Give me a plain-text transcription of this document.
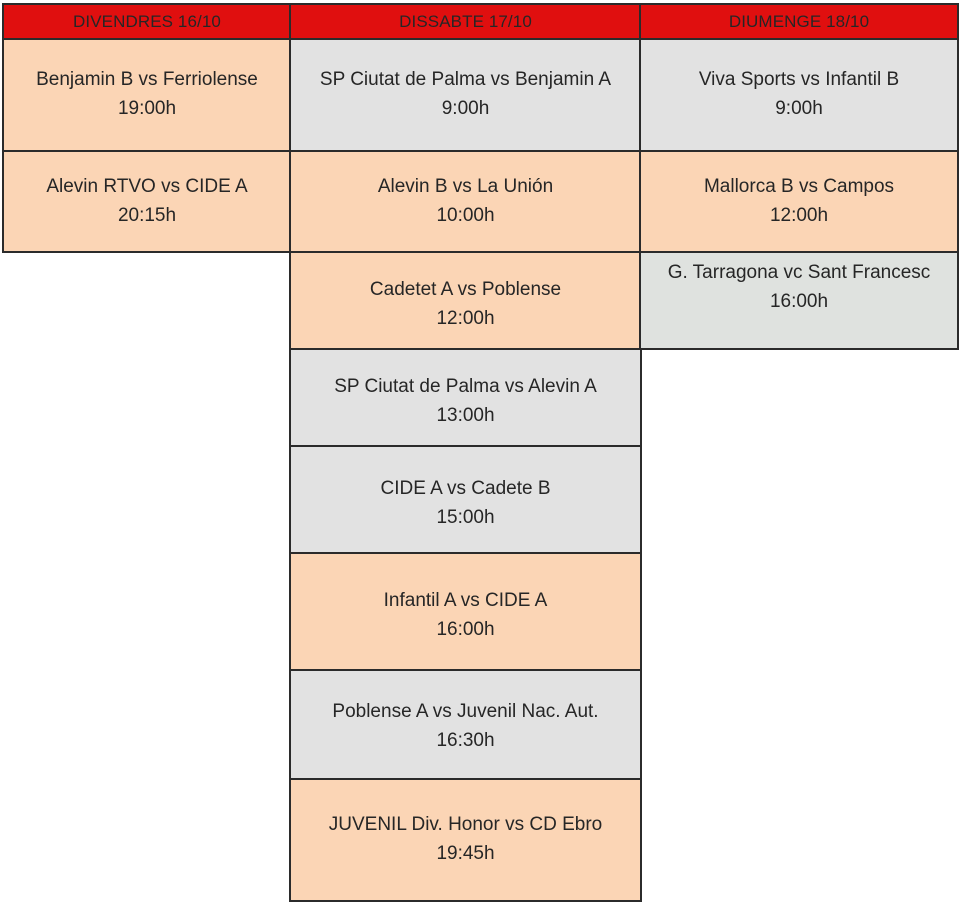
DIVENDRES 16/10
Benjamin B vs Ferriolense
19:00h
Alevin RTVO vs CIDE A
20:15h
DISSABTE 17/10
SP Ciutat de Palma vs Benjamin A
9:00h
Alevin B vs La Unión
10:00h
Cadetet A vs Poblense
12:00h
SP Ciutat de Palma vs Alevin A
13:00h
CIDE A vs Cadete B
15:00h
Infantil A vs CIDE A
16:00h
Poblense A vs Juvenil Nac. Aut.
16:30h
JUVENIL Div. Honor vs CD Ebro
19:45h
DIUMENGE 18/10
Viva Sports vs Infantil B
9:00h
Mallorca B vs Campos
12:00h
G. Tarragona vc Sant Francesc
16:00h
